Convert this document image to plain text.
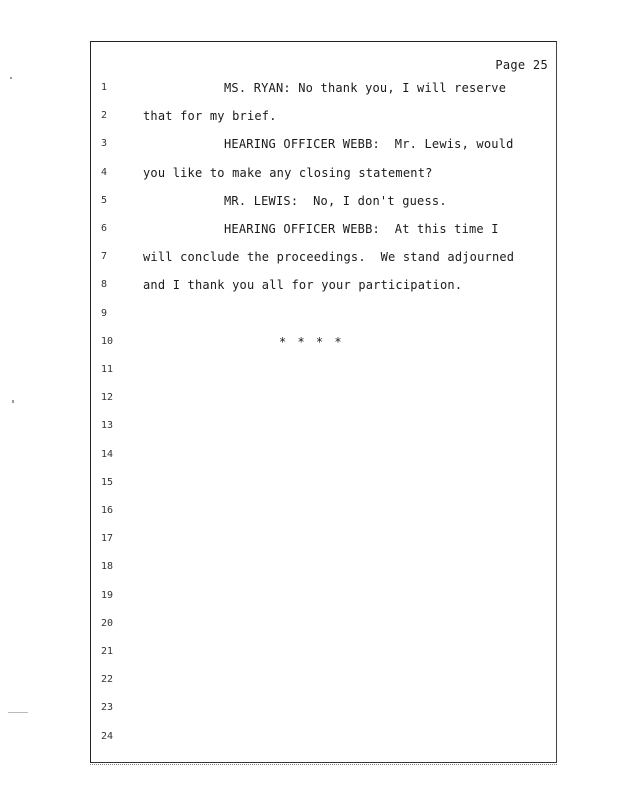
Page 25
1	MS. RYAN: No thank you, I will reserve
2	that for my brief.
3	HEARING OFFICER WEBB:  Mr. Lewis, would
4	you like to make any closing statement?
5	MR. LEWIS:  No, I don't guess.
6	HEARING OFFICER WEBB:  At this time I
7	will conclude the proceedings.  We stand adjourned
8	and I thank you all for your participation.
9
10	* * * *
11
12
13
14
15
16
17
18
19
20
21
22
23
24
